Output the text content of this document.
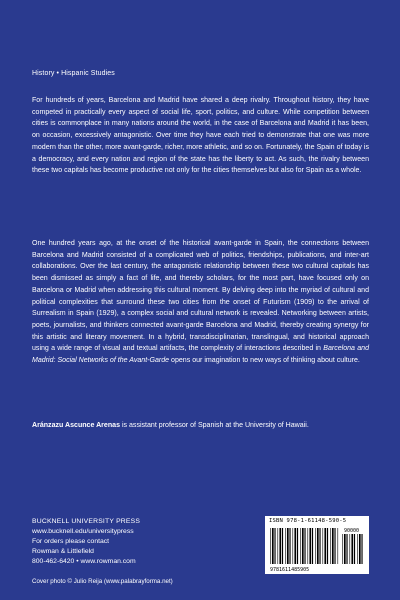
History • Hispanic Studies

For hundreds of years, Barcelona and Madrid have shared a deep rivalry. Throughout history, they have competed in practically every aspect of social life, sport, politics, and culture. While competition between cities is commonplace in many nations around the world, in the case of Barcelona and Madrid it has been, on occasion, excessively antagonistic. Over time they have each tried to demonstrate that one was more modern than the other, more avant-garde, richer, more athletic, and so on. Fortunately, the Spain of today is a democracy, and every nation and region of the state has the liberty to act. As such, the rivalry between these two capitals has become productive not only for the cities themselves but also for Spain as a whole.

One hundred years ago, at the onset of the historical avant-garde in Spain, the connections between Barcelona and Madrid consisted of a complicated web of politics, friendships, publications, and inter-art collaborations. Over the last century, the antagonistic relationship between these two cultural capitals has been dismissed as simply a fact of life, and thereby scholars, for the most part, have focused only on Barcelona or Madrid when addressing this cultural moment. By delving deep into the myriad of cultural and political complexities that surround these two cities from the onset of Futurism (1909) to the arrival of Surrealism in Spain (1929), a complex social and cultural network is revealed. Networking between artists, poets, journalists, and thinkers connected avant-garde Barcelona and Madrid, thereby creating synergy for this artistic and literary movement. In a hybrid, transdisciplinarian, translingual, and historical approach using a wide range of visual and textual artifacts, the complexity of interactions described in Barcelona and Madrid: Social Networks of the Avant-Garde opens our imagination to new ways of thinking about culture.

Aránzazu Ascunce Arenas is assistant professor of Spanish at the University of Hawaii.

BUCKNELL UNIVERSITY PRESS
www.bucknell.edu/universitypress
For orders please contact
Rowman & Littlefield
800-462-6420 • www.rowman.com
Cover photo © Julio Reija (www.palabrayforma.net)
ISBN 978-1-61148-590-5
9781611485905
90000
